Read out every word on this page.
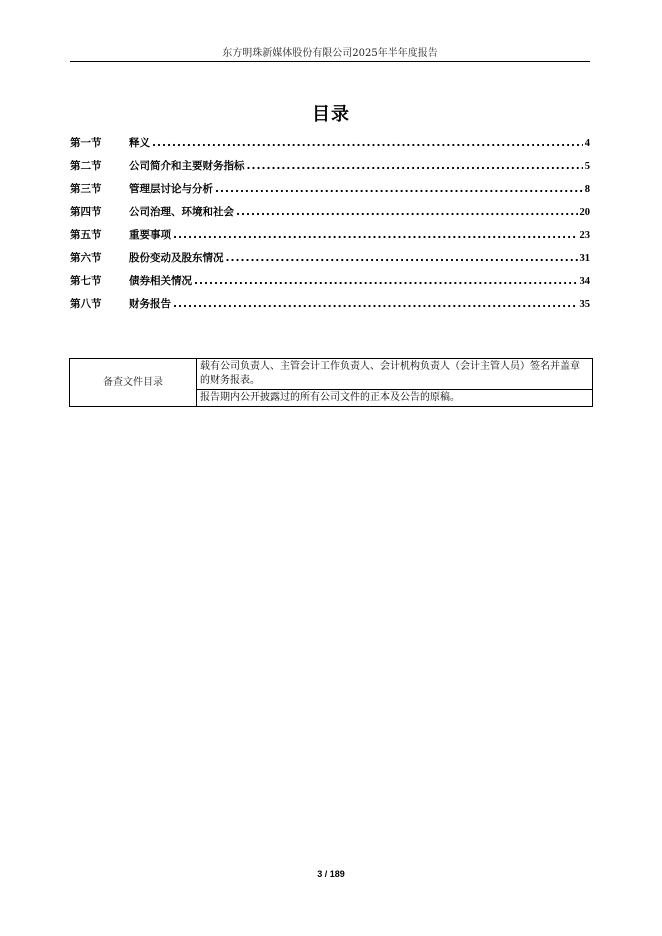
东方明珠新媒体股份有限公司2025年半年度报告
目录
第一节	释义 .....	4
第二节	公司简介和主要财务指标 .....	5
第三节	管理层讨论与分析 .....	8
第四节	公司治理、环境和社会 .....	20
第五节	重要事项 .....	23
第六节	股份变动及股东情况 .....	31
第七节	债券相关情况 .....	34
第八节	财务报告 .....	35
备查文件目录	载有公司负责人、主管会计工作负责人、会计机构负责人（会计主管人员）签名并盖章的财务报表。
报告期内公开披露过的所有公司文件的正本及公告的原稿。
3 / 189
